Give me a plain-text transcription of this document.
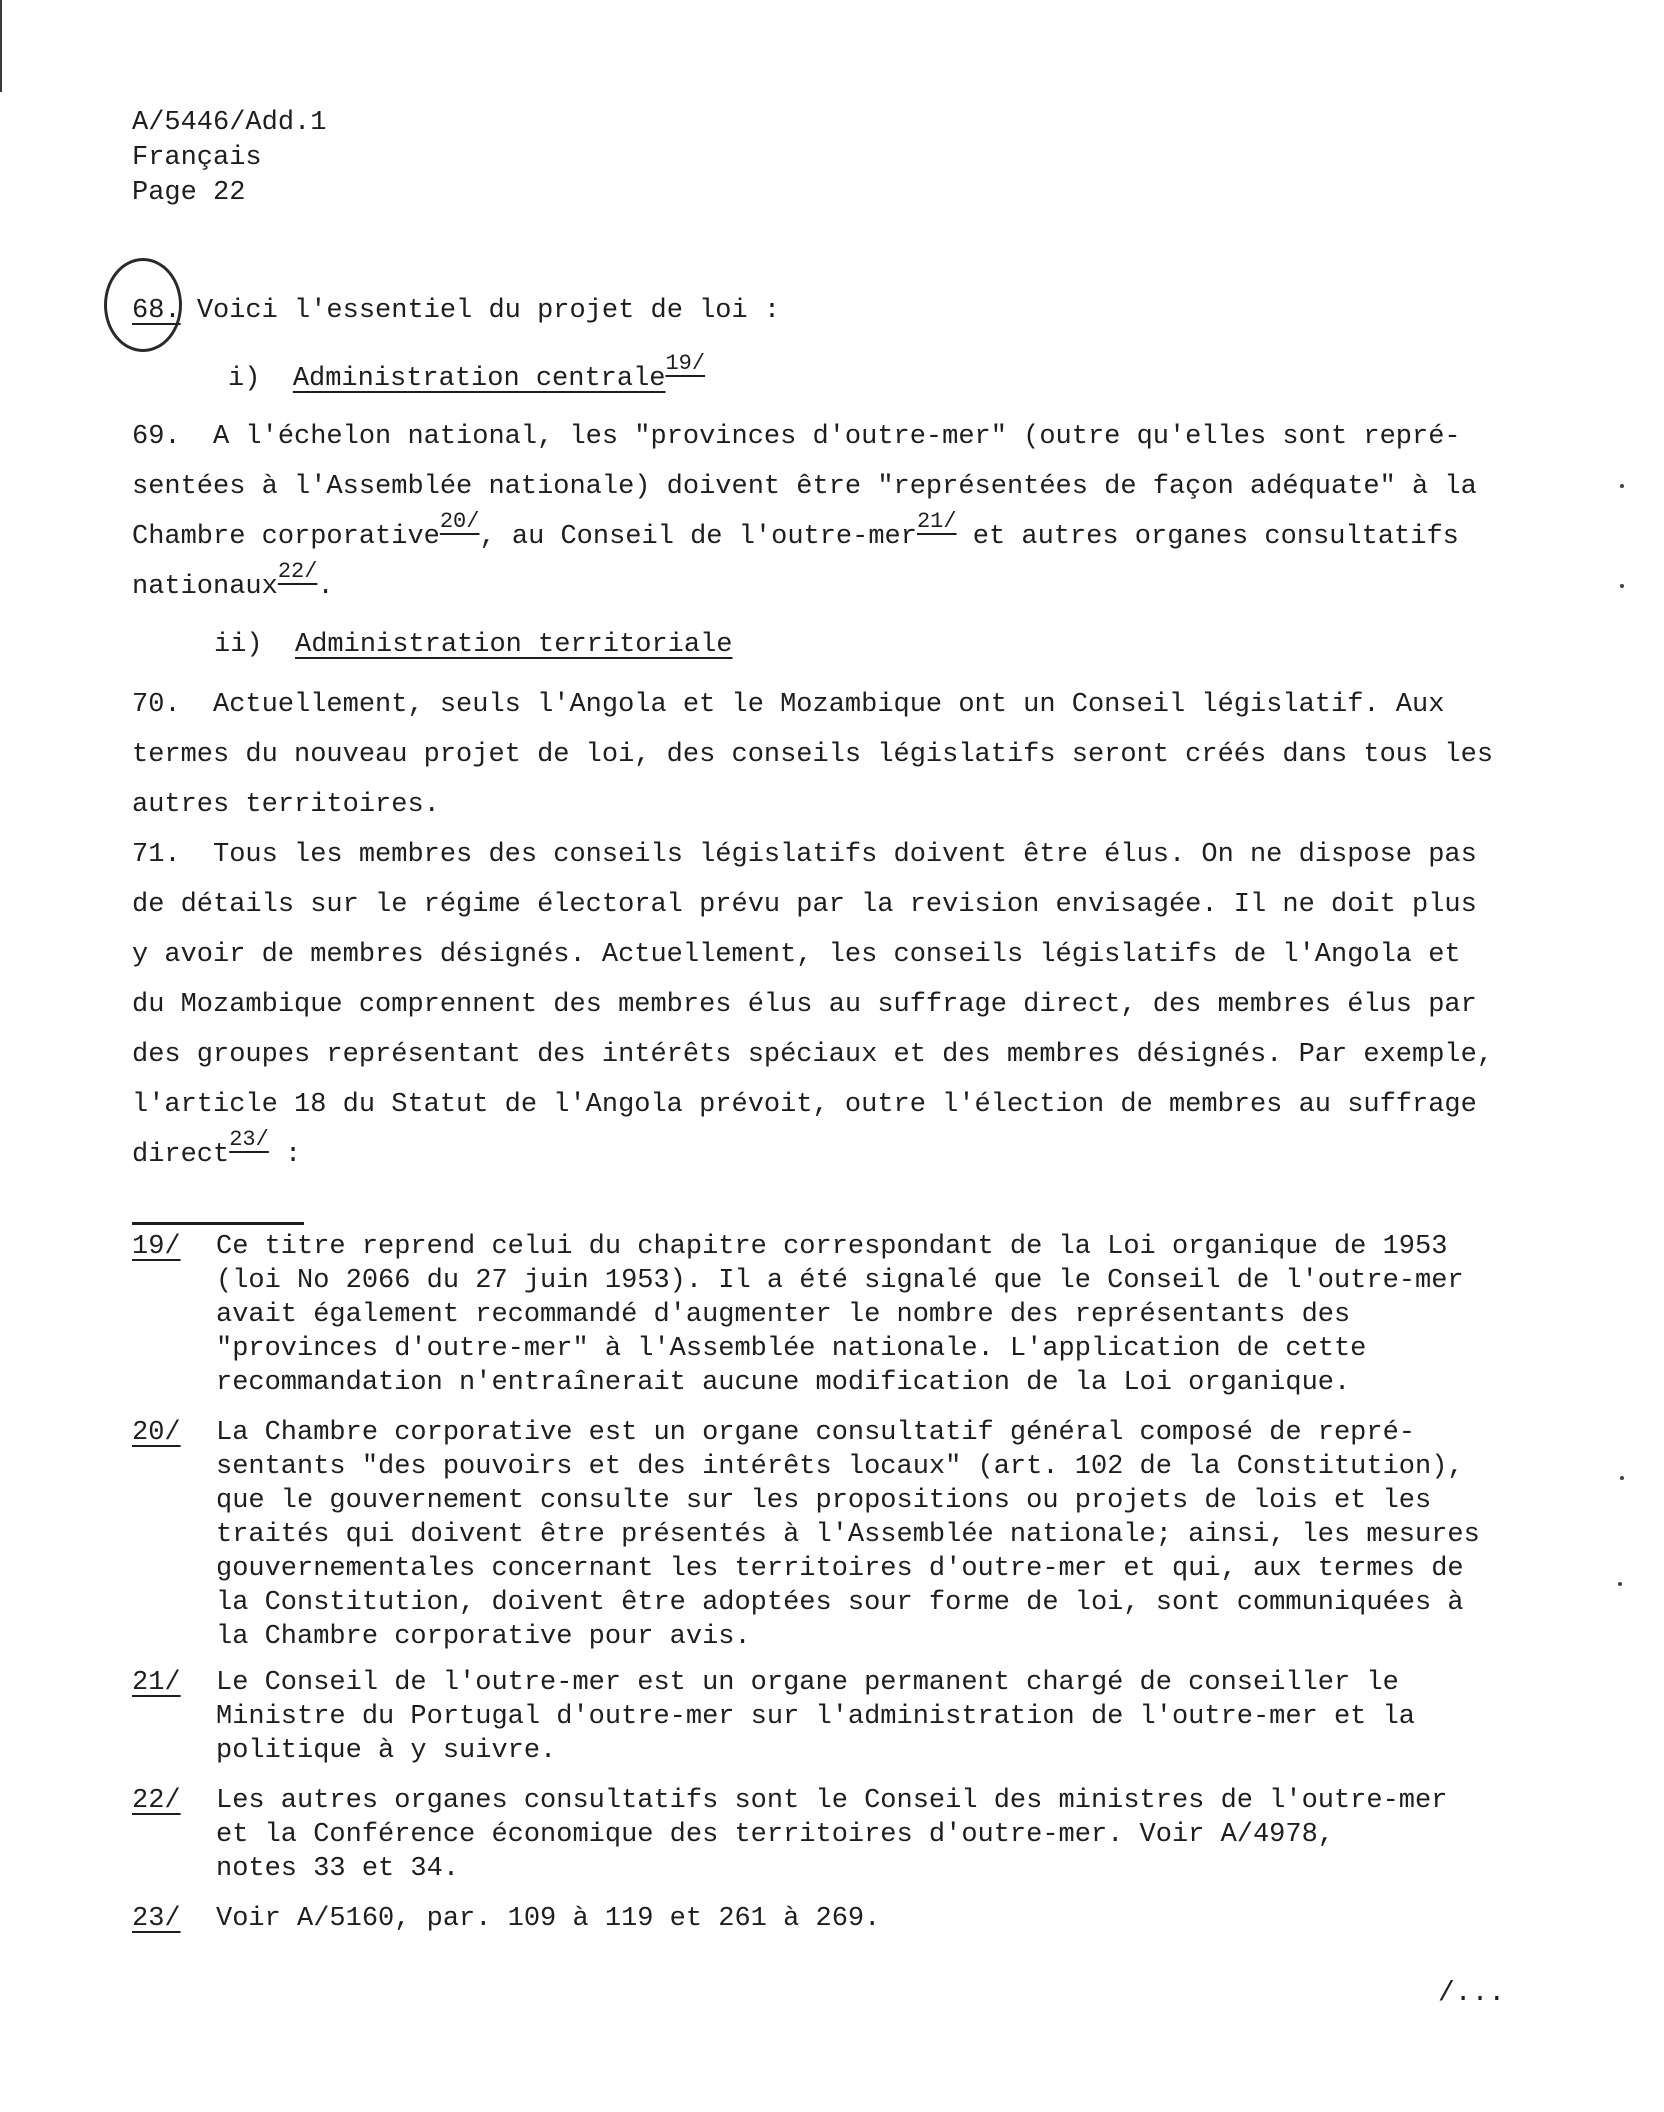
A/5446/Add.1
Français
Page 22
68. Voici l'essentiel du projet de loi :
i) Administration centrale$^{19/}$
69. A l'échelon national, les "provinces d'outre-mer" (outre qu'elles sont repré-
sentées à l'Assemblée nationale) doivent être "représentées de façon adéquate" à la
Chambre corporative$^{20/}$, au Conseil de l'outre-mer$^{21/}$ et autres organes consultatifs
nationaux$^{22/}$.
ii) Administration territoriale
70. Actuellement, seuls l'Angola et le Mozambique ont un Conseil législatif. Aux
termes du nouveau projet de loi, des conseils législatifs seront créés dans tous les
autres territoires.
71. Tous les membres des conseils législatifs doivent être élus. On ne dispose pas
de détails sur le régime électoral prévu par la revision envisagée. Il ne doit plus
y avoir de membres désignés. Actuellement, les conseils législatifs de l'Angola et
du Mozambique comprennent des membres élus au suffrage direct, des membres élus par
des groupes représentant des intérêts spéciaux et des membres désignés. Par exemple,
l'article 18 du Statut de l'Angola prévoit, outre l'élection de membres au suffrage
direct$^{23/}$ :
19/ Ce titre reprend celui du chapitre correspondant de la Loi organique de 1953
(loi No 2066 du 27 juin 1953). Il a été signalé que le Conseil de l'outre-mer
avait également recommandé d'augmenter le nombre des représentants des
"provinces d'outre-mer" à l'Assemblée nationale. L'application de cette
recommandation n'entraînerait aucune modification de la Loi organique.
20/ La Chambre corporative est un organe consultatif général composé de repré-
sentants "des pouvoirs et des intérêts locaux" (art. 102 de la Constitution),
que le gouvernement consulte sur les propositions ou projets de lois et les
traités qui doivent être présentés à l'Assemblée nationale; ainsi, les mesures
gouvernementales concernant les territoires d'outre-mer et qui, aux termes de
la Constitution, doivent être adoptées sour forme de loi, sont communiquées à
la Chambre corporative pour avis.
21/ Le Conseil de l'outre-mer est un organe permanent chargé de conseiller le
Ministre du Portugal d'outre-mer sur l'administration de l'outre-mer et la
politique à y suivre.
22/ Les autres organes consultatifs sont le Conseil des ministres de l'outre-mer
et la Conférence économique des territoires d'outre-mer. Voir A/4978,
notes 33 et 34.
23/ Voir A/5160, par. 109 à 119 et 261 à 269.
/...
